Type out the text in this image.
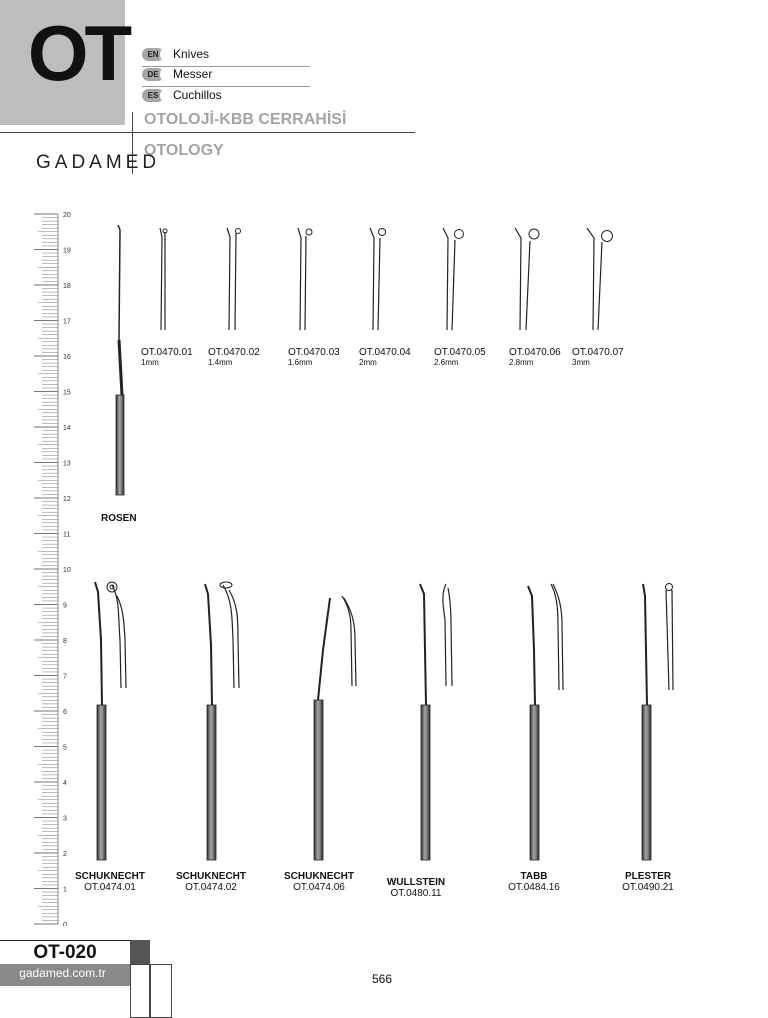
OT	EN	Knives
DE	Messer
ES	Cuchillos
OTOLOJİ-KBB CERRAHİSİ
OTOLOGY
GADAMED
20
19
18
17
16
15
14
13
12
11
10
9
8
7
6
5
4
3
2
1
0
OT.0470.01
1mm
OT.0470.02
1.4mm
OT.0470.03
1.6mm
OT.0470.04
2mm
OT.0470.05
2.6mm
OT.0470.06
2.8mm
OT.0470.07
3mm
ROSEN
SCHUKNECHT
OT.0474.01
SCHUKNECHT
OT.0474.02
SCHUKNECHT
OT.0474.06	WULLSTEIN
OT.0480.11
TABB
OT.0484.16
PLESTER
OT.0490.21
OT-020
gadamed.com.tr	566
